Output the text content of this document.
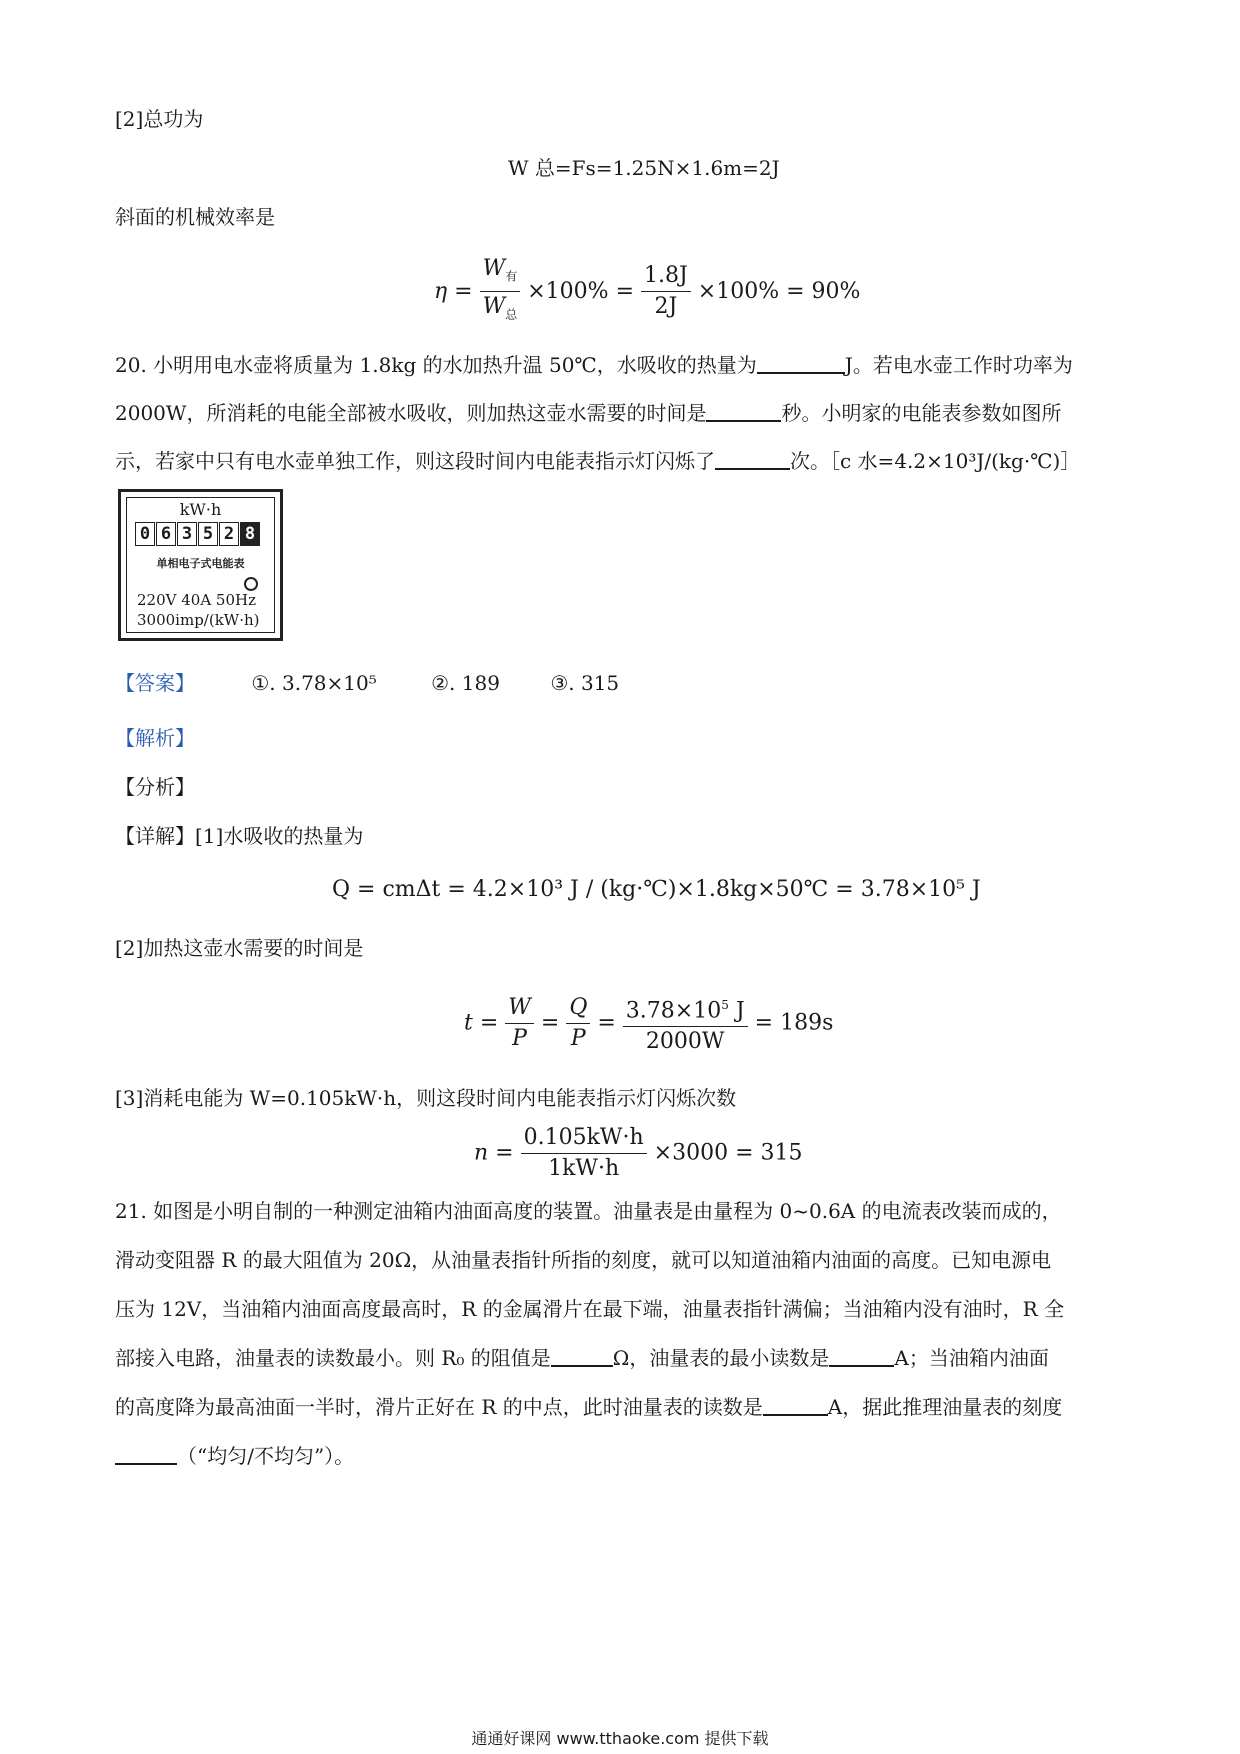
[2]总功为
W 总=Fs=1.25N×1.6m=2J
斜面的机械效率是
η =
$W_有$
$W_总$
$\times 100\% = \frac{1.8J}{2J} \times 100\% = 90\%$
20. 小明用电水壶将质量为 1.8kg 的水加热升温 50℃，水吸收的热量为	J。若电水壶工作时功率为
2000W，所消耗的电能全部被水吸收，则加热这壶水需要的时间是	秒。小明家的电能表参数如图所
示，若家中只有电水壶单独工作，则这段时间内电能表指示灯闪烁了	次。［c 水=4.2×10³J/(kg·℃)］
kW·h
0 6 3 5 2 8
单相电子式电能表
220V 40A 50Hz
3000imp/(kW·h)
【答案】	①. 3.78×10⁵	②. 189	③. 315
【解析】
【分析】
【详解】[1]水吸收的热量为
Q = cmΔt = 4.2×10³ J / (kg·℃)×1.8kg×50℃ = 3.78×10⁵ J
[2]加热这壶水需要的时间是
$t = \frac{W}{P} = \frac{Q}{P} = \frac{3.78\times 10^5 J}{2000W} = 189s$
[3]消耗电能为 W=0.105kW·h，则这段时间内电能表指示灯闪烁次数
$n = \frac{0.105kW\cdot h}{1kW\cdot h} \times 3000 = 315$
21. 如图是小明自制的一种测定油箱内油面高度的装置。油量表是由量程为 0~0.6A 的电流表改装而成的，
滑动变阻器 R 的最大阻值为 20Ω，从油量表指针所指的刻度，就可以知道油箱内油面的高度。已知电源电
压为 12V，当油箱内油面高度最高时，R 的金属滑片在最下端，油量表指针满偏；当油箱内没有油时，R 全
部接入电路，油量表的读数最小。则 R₀ 的阻值是	Ω，油量表的最小读数是	A；当油箱内油面
的高度降为最高油面一半时，滑片正好在 R 的中点，此时油量表的读数是	A，据此推理油量表的刻度
（“均匀/不均匀”）。
通通好课网 www.tthaoke.com 提供下载
